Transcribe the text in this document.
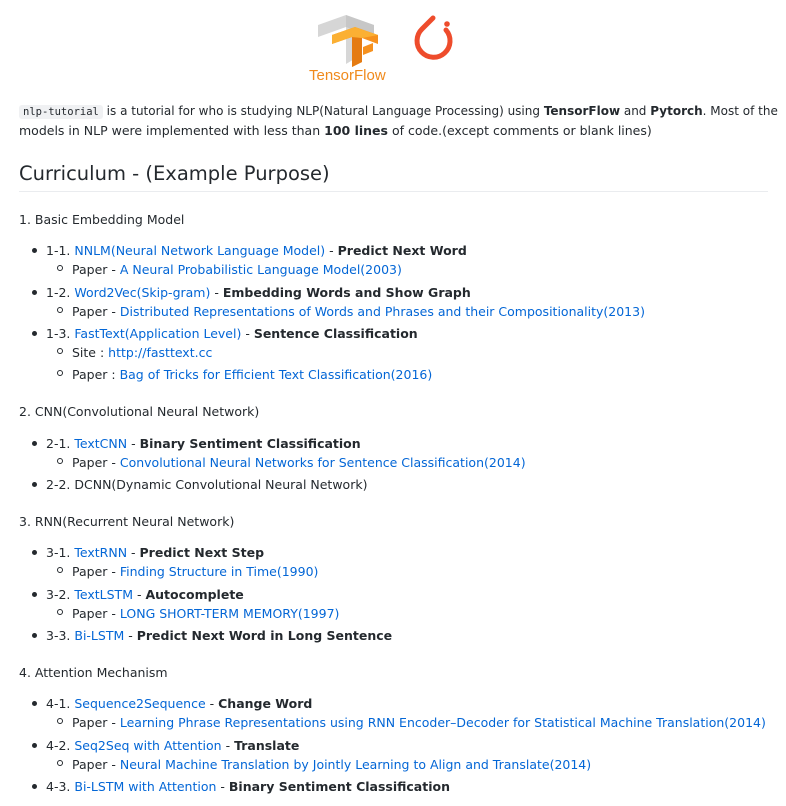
TensorFlow
nlp-tutorial is a tutorial for who is studying NLP(Natural Language Processing) using TensorFlow and Pytorch. Most of the
models in NLP were implemented with less than 100 lines of code.(except comments or blank lines)
Curriculum - (Example Purpose)
1. Basic Embedding Model
1-1. NNLM(Neural Network Language Model) - Predict Next Word
Paper - A Neural Probabilistic Language Model(2003)
1-2. Word2Vec(Skip-gram) - Embedding Words and Show Graph
Paper - Distributed Representations of Words and Phrases and their Compositionality(2013)
1-3. FastText(Application Level) - Sentence Classification
Site : http://fasttext.cc
Paper : Bag of Tricks for Efficient Text Classification(2016)
2. CNN(Convolutional Neural Network)
2-1. TextCNN - Binary Sentiment Classification
Paper - Convolutional Neural Networks for Sentence Classification(2014)
2-2. DCNN(Dynamic Convolutional Neural Network)
3. RNN(Recurrent Neural Network)
3-1. TextRNN - Predict Next Step
Paper - Finding Structure in Time(1990)
3-2. TextLSTM - Autocomplete
Paper - LONG SHORT-TERM MEMORY(1997)
3-3. Bi-LSTM - Predict Next Word in Long Sentence
4. Attention Mechanism
4-1. Sequence2Sequence - Change Word
Paper - Learning Phrase Representations using RNN Encoder–Decoder for Statistical Machine Translation(2014)
4-2. Seq2Seq with Attention - Translate
Paper - Neural Machine Translation by Jointly Learning to Align and Translate(2014)
4-3. Bi-LSTM with Attention - Binary Sentiment Classification
